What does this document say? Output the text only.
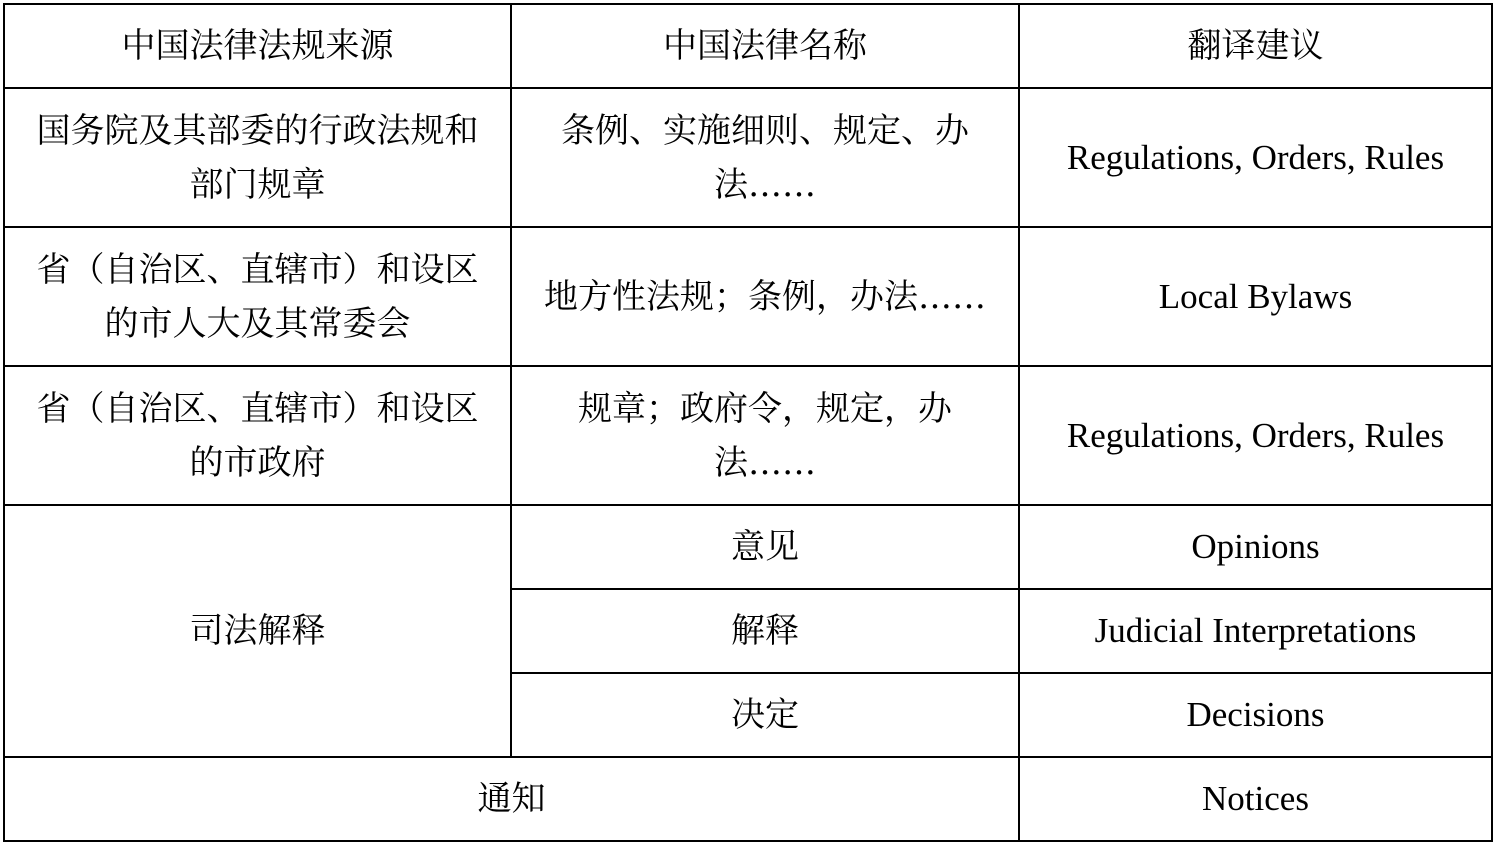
中国法律法规来源	中国法律名称	翻译建议
国务院及其部委的行政法规和部门规章	条例、实施细则、规定、办法……	Regulations, Orders, Rules
省（自治区、直辖市）和设区的市人大及其常委会	地方性法规；条例，办法……	Local Bylaws
省（自治区、直辖市）和设区的市政府	规章；政府令，规定，办法……	Regulations, Orders, Rules
司法解释	意见	Opinions
	解释	Judicial Interpretations
	决定	Decisions
通知		Notices
